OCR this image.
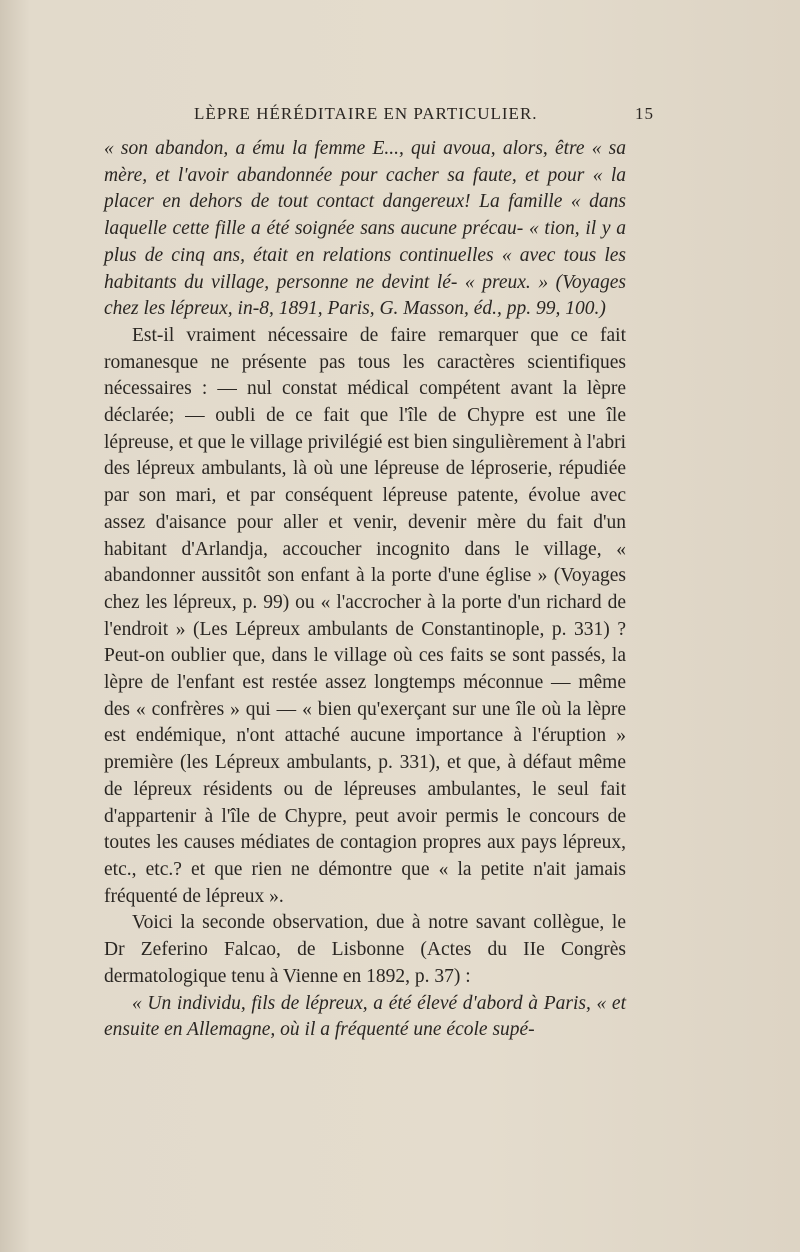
LÈPRE HÉRÉDITAIRE EN PARTICULIER.	15

« son abandon, a ému la femme E..., qui avoua, alors, être « sa mère, et l'avoir abandonnée pour cacher sa faute, et pour « la placer en dehors de tout contact dangereux! La famille « dans laquelle cette fille a été soignée sans aucune précau- « tion, il y a plus de cinq ans, était en relations continuelles « avec tous les habitants du village, personne ne devint lé- « preux. » (Voyages chez les lépreux, in-8, 1891, Paris, G. Masson, éd., pp. 99, 100.)

Est-il vraiment nécessaire de faire remarquer que ce fait romanesque ne présente pas tous les caractères scientifiques nécessaires : — nul constat médical compétent avant la lèpre déclarée; — oubli de ce fait que l'île de Chypre est une île lépreuse, et que le village privilégié est bien singulièrement à l'abri des lépreux ambulants, là où une lépreuse de léproserie, répudiée par son mari, et par conséquent lépreuse patente, évolue avec assez d'aisance pour aller et venir, devenir mère du fait d'un habitant d'Arlandja, accoucher incognito dans le village, « abandonner aussitôt son enfant à la porte d'une église » (Voyages chez les lépreux, p. 99) ou « l'accrocher à la porte d'un richard de l'endroit » (Les Lépreux ambulants de Constantinople, p. 331) ? Peut-on oublier que, dans le village où ces faits se sont passés, la lèpre de l'enfant est restée assez longtemps méconnue — même des « confrères » qui — « bien qu'exerçant sur une île où la lèpre est endémique, n'ont attaché aucune importance à l'éruption » première (les Lépreux ambulants, p. 331), et que, à défaut même de lépreux résidents ou de lépreuses ambulantes, le seul fait d'appartenir à l'île de Chypre, peut avoir permis le concours de toutes les causes médiates de contagion propres aux pays lépreux, etc., etc.? et que rien ne démontre que « la petite n'ait jamais fréquenté de lépreux ».

Voici la seconde observation, due à notre savant collègue, le Dr Zeferino Falcao, de Lisbonne (Actes du IIe Congrès dermatologique tenu à Vienne en 1892, p. 37) :

« Un individu, fils de lépreux, a été élevé d'abord à Paris, « et ensuite en Allemagne, où il a fréquenté une école supé-
